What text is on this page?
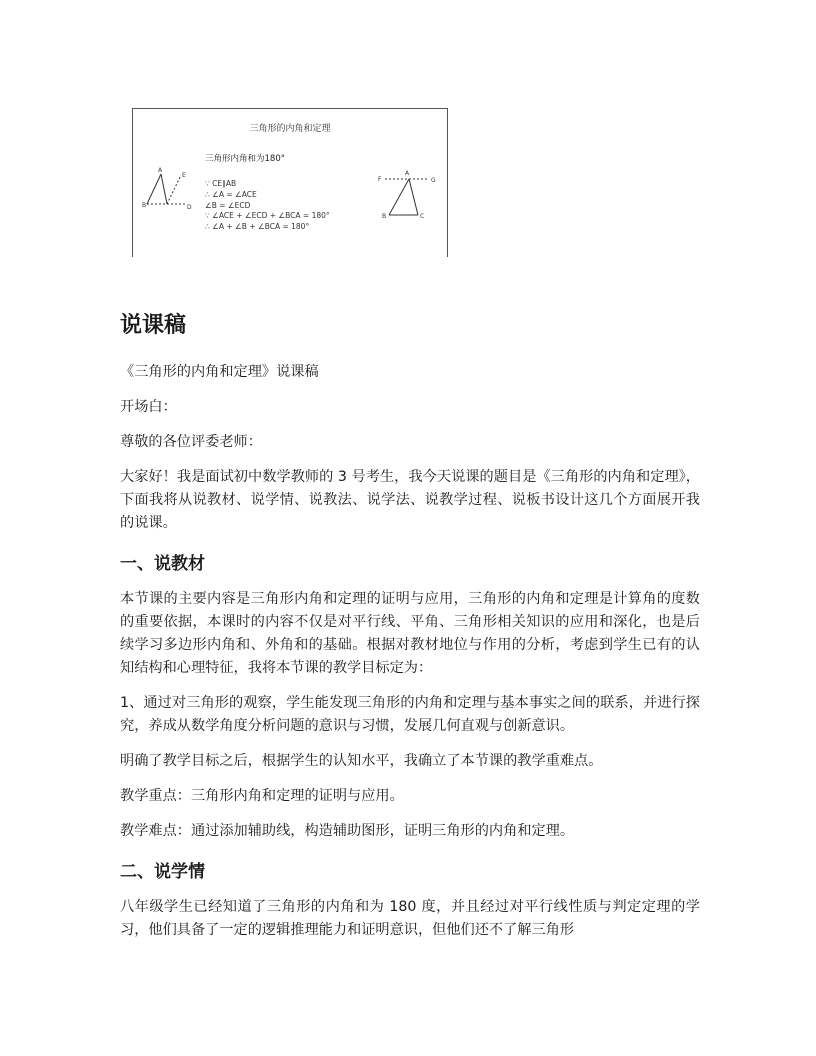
三角形的内角和定理
三角形内角和为180°
∵ CE∥AB
∴ ∠A = ∠ACE
∠B = ∠ECD
∵ ∠ACE + ∠ECD + ∠BCA = 180°
∴ ∠A + ∠B + ∠BCA = 180°
A
E
B	D
F
A
G
B	C
说课稿

《三角形的内角和定理》说课稿

开场白：

尊敬的各位评委老师：

大家好！我是面试初中数学教师的 3 号考生，我今天说课的题目是《三角形的内角和定理》，下面我将从说教材、说学情、说教法、说学法、说教学过程、说板书设计这几个方面展开我的说课。

一、说教材

本节课的主要内容是三角形内角和定理的证明与应用，三角形的内角和定理是计算角的度数的重要依据，本课时的内容不仅是对平行线、平角、三角形相关知识的应用和深化，也是后续学习多边形内角和、外角和的基础。根据对教材地位与作用的分析，考虑到学生已有的认知结构和心理特征，我将本节课的教学目标定为：

1、通过对三角形的观察，学生能发现三角形的内角和定理与基本事实之间的联系，并进行探究，养成从数学角度分析问题的意识与习惯，发展几何直观与创新意识。

明确了教学目标之后，根据学生的认知水平，我确立了本节课的教学重难点。

教学重点：三角形内角和定理的证明与应用。

教学难点：通过添加辅助线，构造辅助图形，证明三角形的内角和定理。

二、说学情

八年级学生已经知道了三角形的内角和为 180 度，并且经过对平行线性质与判定定理的学习，他们具备了一定的逻辑推理能力和证明意识，但他们还不了解三角形
